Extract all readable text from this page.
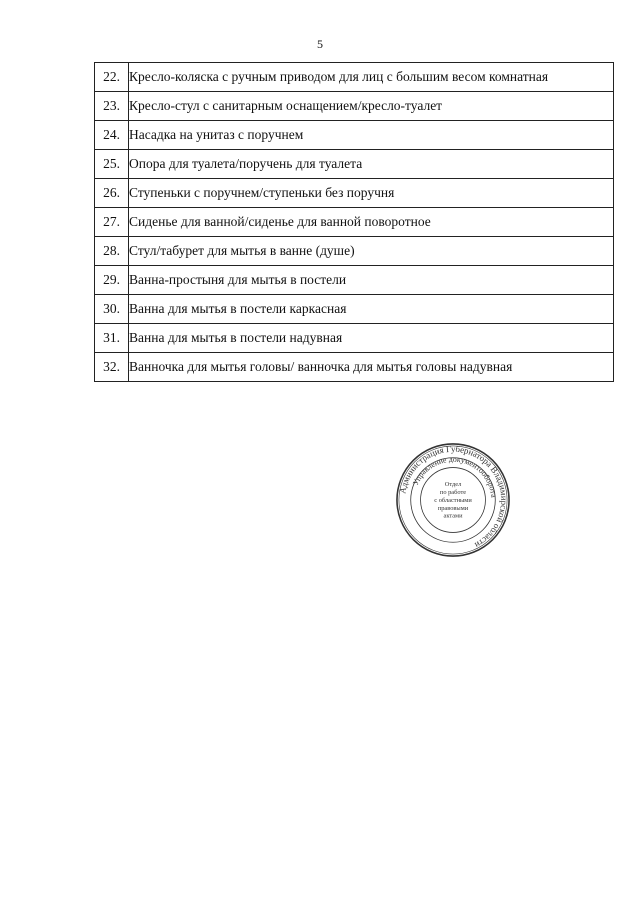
5
22.	Кресло-коляска с ручным приводом для лиц с большим весом комнатная
23.	Кресло-стул с санитарным оснащением/кресло-туалет
24.	Насадка на унитаз с поручнем
25.	Опора для туалета/поручень для туалета
26.	Ступеньки с поручнем/ступеньки без поручня
27.	Сиденье для ванной/сиденье для ванной поворотное
28.	Стул/табурет для мытья в ванне (душе)
29.	Ванна-простыня для мытья в постели
30.	Ванна для мытья в постели каркасная
31.	Ванна для мытья в постели надувная
32.	Ванночка для мытья головы/ ванночка для мытья головы надувная
Администрация Губернатора Владимирской области
Управление документооборота
Отдел
по работе
с областными
правовыми
актами
